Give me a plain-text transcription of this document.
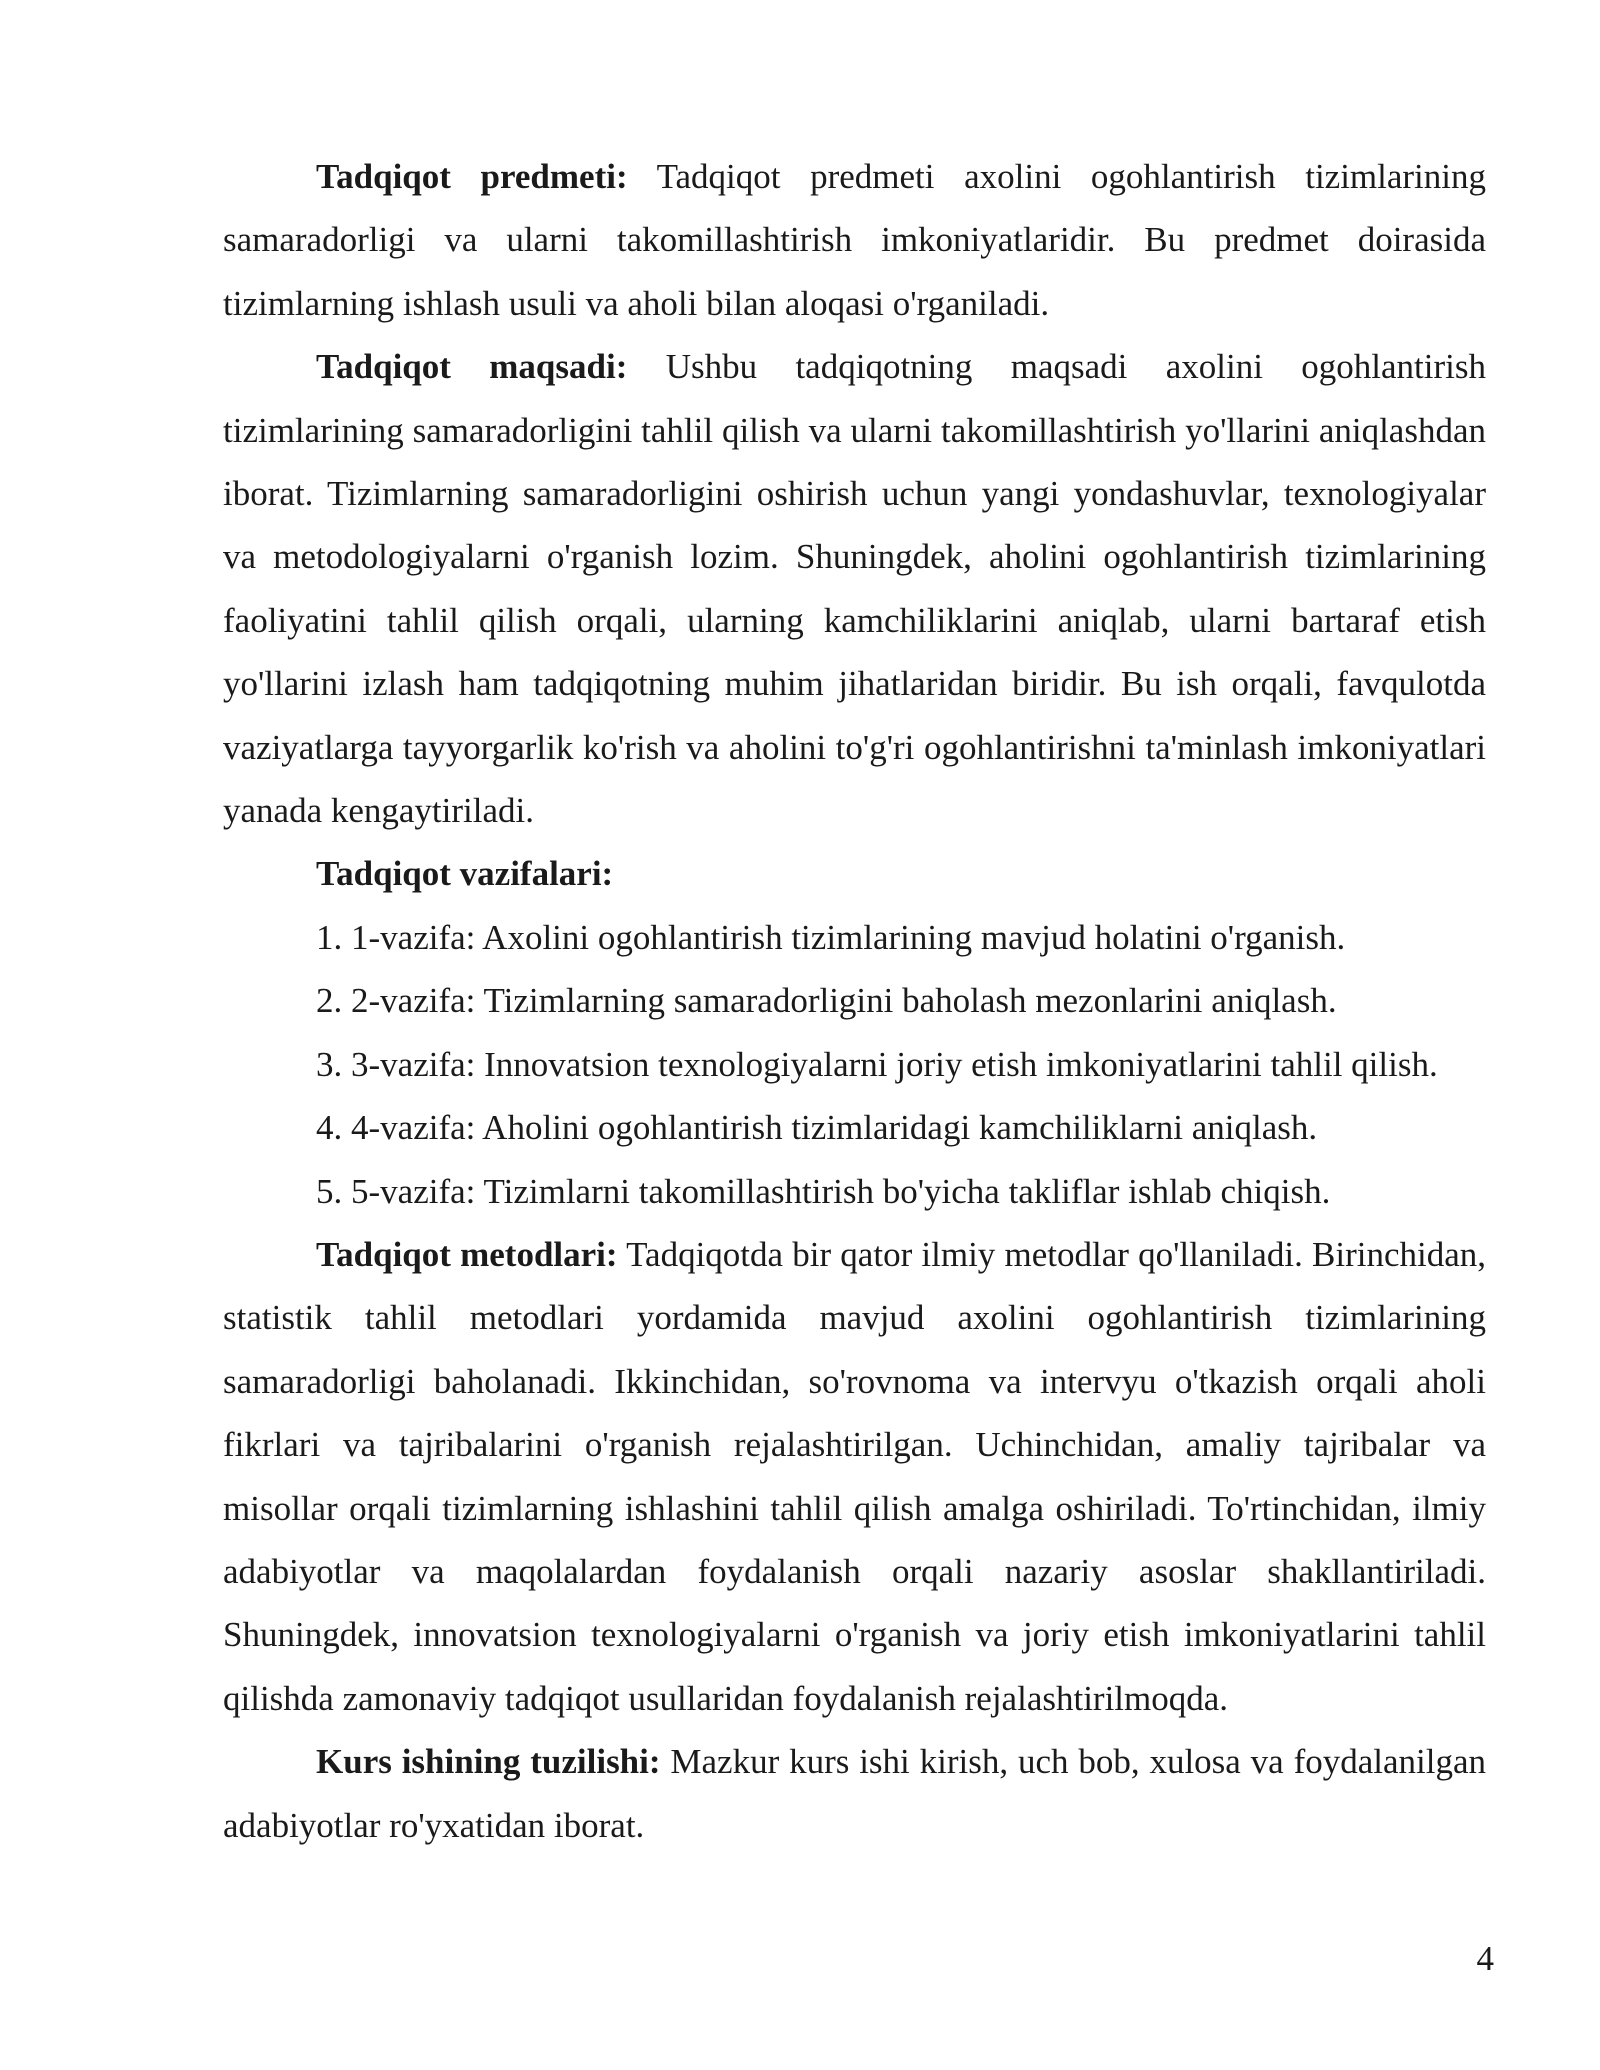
Tadqiqot predmeti: Tadqiqot predmeti axolini ogohlantirish tizimlarining samaradorligi va ularni takomillashtirish imkoniyatlaridir. Bu predmet doirasida tizimlarning ishlash usuli va aholi bilan aloqasi o'rganiladi.

Tadqiqot maqsadi: Ushbu tadqiqotning maqsadi axolini ogohlantirish tizimlarining samaradorligini tahlil qilish va ularni takomillashtirish yo'llarini aniqlashdan iborat. Tizimlarning samaradorligini oshirish uchun yangi yondashuvlar, texnologiyalar va metodologiyalarni o'rganish lozim. Shuningdek, aholini ogohlantirish tizimlarining faoliyatini tahlil qilish orqali, ularning kamchiliklarini aniqlab, ularni bartaraf etish yo'llarini izlash ham tadqiqotning muhim jihatlaridan biridir. Bu ish orqali, favqulotda vaziyatlarga tayyorgarlik ko'rish va aholini to'g'ri ogohlantirishni ta'minlash imkoniyatlari yanada kengaytiriladi.

Tadqiqot vazifalari:

1. 1-vazifa: Axolini ogohlantirish tizimlarining mavjud holatini o'rganish.
2. 2-vazifa: Tizimlarning samaradorligini baholash mezonlarini aniqlash.
3. 3-vazifa: Innovatsion texnologiyalarni joriy etish imkoniyatlarini tahlil qilish.
4. 4-vazifa: Aholini ogohlantirish tizimlaridagi kamchiliklarni aniqlash.
5. 5-vazifa: Tizimlarni takomillashtirish bo'yicha takliflar ishlab chiqish.

Tadqiqot metodlari: Tadqiqotda bir qator ilmiy metodlar qo'llaniladi. Birinchidan, statistik tahlil metodlari yordamida mavjud axolini ogohlantirish tizimlarining samaradorligi baholanadi. Ikkinchidan, so'rovnoma va intervyu o'tkazish orqali aholi fikrlari va tajribalarini o'rganish rejalashtirilgan. Uchinchidan, amaliy tajribalar va misollar orqali tizimlarning ishlashini tahlil qilish amalga oshiriladi. To'rtinchidan, ilmiy adabiyotlar va maqolalardan foydalanish orqali nazariy asoslar shakllantiriladi. Shuningdek, innovatsion texnologiyalarni o'rganish va joriy etish imkoniyatlarini tahlil qilishda zamonaviy tadqiqot usullaridan foydalanish rejalashtirilmoqda.

Kurs ishining tuzilishi: Mazkur kurs ishi kirish, uch bob, xulosa va foydalanilgan adabiyotlar ro'yxatidan iborat.

4
